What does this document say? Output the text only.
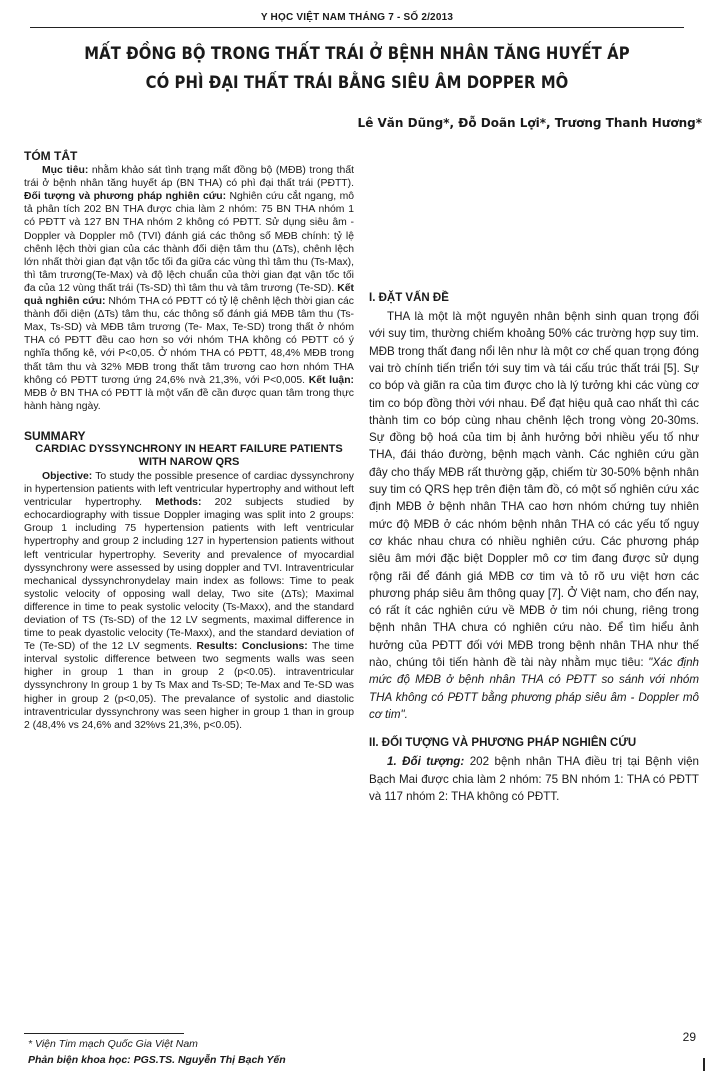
Y HỌC VIỆT NAM THÁNG 7 - SỐ 2/2013
MẤT ĐỒNG BỘ TRONG THẤT TRÁI Ở BỆNH NHÂN TĂNG HUYẾT ÁP
CÓ PHÌ ĐẠI THẤT TRÁI BẰNG SIÊU ÂM DOPPER MÔ
Lê Văn Dũng*, Đỗ Doãn Lợi*, Trương Thanh Hương*
TÓM TẮT

Mục tiêu: nhằm khảo sát tình trạng mất đồng bộ (MĐB) trong thất trái ở bệnh nhân tăng huyết áp (BN THA) có phì đại thất trái (PĐTT). Đối tượng và phương pháp nghiên cứu: Nghiên cứu cắt ngang, mô tả phân tích 202 BN THA được chia làm 2 nhóm: 75 BN THA nhóm 1 có PĐTT và 127 BN THA nhóm 2 không có PĐTT. Sử dụng siêu âm - Doppler và Doppler mô (TVI) đánh giá các thông số MĐB chính: tỷ lệ chênh lệch thời gian của các thành đối diện tâm thu (ΔTs), chênh lệch lớn nhất thời gian đạt vận tốc tối đa giữa các vùng thì tâm thu (Ts-Max), thì tâm trương(Te-Max) và độ lệch chuẩn của thời gian đạt vận tốc tối đa của 12 vùng thất trái (Ts-SD) thì tâm thu và tâm trương (Te-SD). Kết quả nghiên cứu: Nhóm THA có PĐTT có tỷ lệ chênh lệch thời gian các thành đối diện (ΔTs) tâm thu, các thông số đánh giá MĐB tâm thu (Ts-Max, Ts-SD) và MĐB tâm trương (Te- Max, Te-SD) trong thất ở nhóm THA có PĐTT đều cao hơn so với nhóm THA không có PĐTT có ý nghĩa thống kê, với P<0,05. Ở nhóm THA có PĐTT, 48,4% MĐB trong thất tâm thu và 32% MĐB trong thất tâm trương cao hơn nhóm THA không có PĐTT tương ứng 24,6% nvà 21,3%, với P<0,005. Kết luận: MĐB ở BN THA có PĐTT là một vấn đề cần được quan tâm trong thực hành hàng ngày.

SUMMARY
CARDIAC DYSSYNCHRONY IN HEART FAILURE PATIENTS WITH NAROW QRS

Objective: To study the possible presence of cardiac dyssynchrony in hypertension patients with left ventricular hypertrophy and without left ventricular hypertrophy. Methods: 202 subjects studied by echocardiography with tissue Doppler imaging was split into 2 groups: Group 1 including 75 hypertension patients with left ventricular hypertrophy and group 2 including 127 in hypertension patients without left ventricular hypertrophy. Severity and prevalence of myocardial dyssynchrony were assessed by using doppler and TVI. Intraventricular mechanical dyssynchronydelay main index as follows: Time to peak systolic velocity of opposing wall delay, Two site (ΔTs); Maximal difference in time to peak systolic velocity (Ts-Maxx), and the standard deviation of TS (Ts-SD) of the 12 LV segments, maximal difference in time to peak dyastolic velocity (Te-Maxx), and the standard deviation of Te (Te-SD) of the 12 LV segments. Results: Conclusions: The time interval systolic difference between two segments walls was seen higher in group 1 than in group 2 (p<0.05). intraventricular dyssynchrony In group 1 by Ts Max and Ts-SD; Te-Max and Te-SD was higher in group 2 (p<0,05). The prevalance of systolic and diastolic intraventricular dyssynchrony was seen higher in group 1 than in group 2 (48,4% vs 24,6% and 32%vs 21,3%, p<0.05).

I. ĐẶT VẤN ĐỀ

THA là một là một nguyên nhân bệnh sinh quan trọng đối với suy tim, thường chiếm khoảng 50% các trường hợp suy tim. MĐB trong thất đang nổi lên như là một cơ chế quan trọng đóng vai trò chính tiến triển tới suy tim và tái cấu trúc thất trái [5]. Sự co bóp và giãn ra của tim được cho là lý tưởng khi các vùng cơ tim co bóp đồng thời với nhau. Để đạt hiệu quả cao nhất thì các thành tim co bóp cùng nhau chênh lệch trong vòng 20-30ms. Sự đồng bộ hoá của tim bị ảnh hưởng bởi nhiều yếu tố như THA, đái tháo đường, bệnh mạch vành. Các nghiên cứu gần đây cho thấy MĐB rất thường gặp, chiếm từ 30-50% bệnh nhân suy tim có QRS hẹp trên điện tâm đồ, có một số nghiên cứu xác định MĐB ở bệnh nhân THA cao hơn nhóm chứng tuy nhiên mức độ MĐB ở các nhóm bệnh nhân THA có các yếu tố nguy cơ khác nhau chưa có nhiều nghiên cứu. Các phương pháp siêu âm mới đặc biệt Doppler mô cơ tim đang được sử dụng rộng rãi để đánh giá MĐB cơ tim và tỏ rõ ưu việt hơn các phương pháp siêu âm thông quay [7]. Ở Việt nam, cho đến nay, có rất ít các nghiên cứu về MĐB ở tim nói chung, riêng trong bệnh nhân THA chưa có nghiên cứu nào. Để tìm hiểu ảnh hưởng của PĐTT đối với MĐB trong bệnh nhân THA như thế nào, chúng tôi tiến hành đề tài này nhằm mục tiêu: "Xác định mức độ MĐB ở bệnh nhân THA có PĐTT so sánh với nhóm THA không có PĐTT bằng phương pháp siêu âm - Doppler mô cơ tim".

II. ĐỐI TƯỢNG VÀ PHƯƠNG PHÁP NGHIÊN CỨU

1. Đối tượng: 202 bệnh nhân THA điều trị tại Bệnh viện Bạch Mai được chia làm 2 nhóm: 75 BN nhóm 1: THA có PĐTT và 117 nhóm 2: THA không có PĐTT.

* Viện Tim mạch Quốc Gia Việt Nam
Phản biện khoa học: PGS.TS. Nguyễn Thị Bạch Yến
29
